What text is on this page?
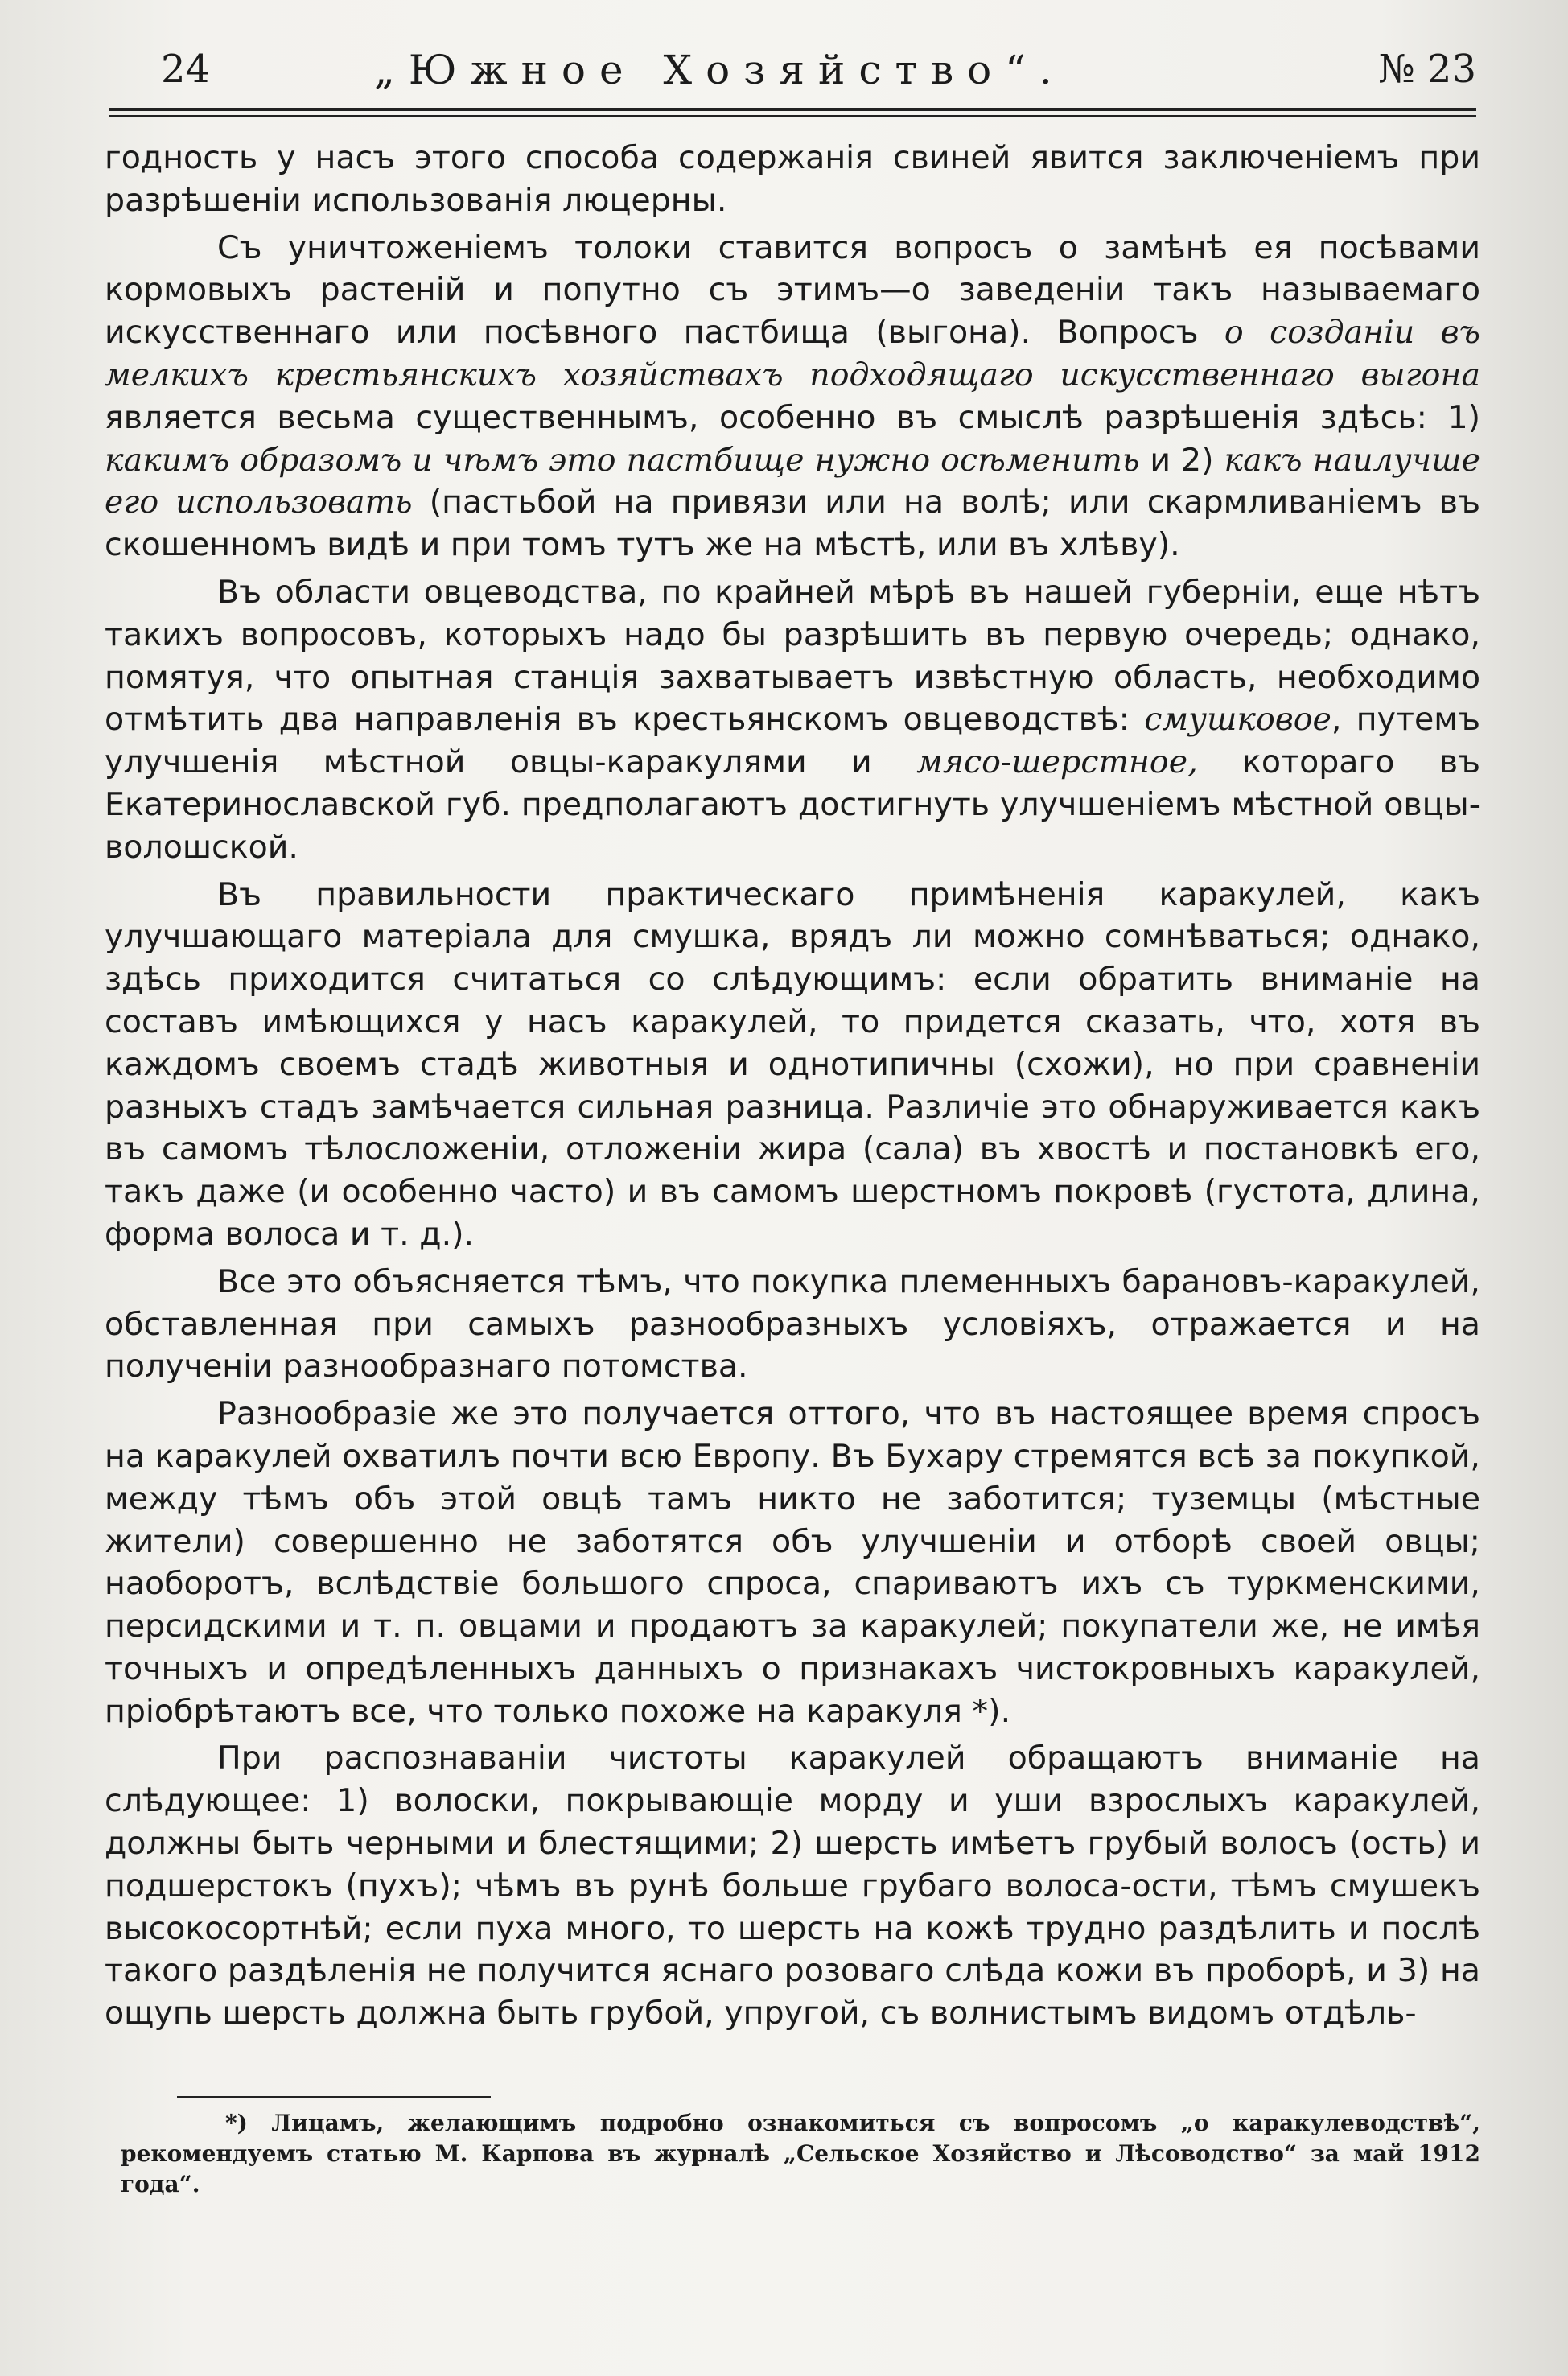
24	„Южное Хозяйство“.	№ 23

годность у насъ этого способа содержанія свиней явится заключеніемъ при разрѣшеніи использованія люцерны.

Съ уничтоженіемъ толоки ставится вопросъ о замѣнѣ ея посѣвами кормовыхъ растеній и попутно съ этимъ—о заведеніи такъ называемаго искусственнаго или посѣвного пастбища (выгона). Вопросъ о созданіи въ мелкихъ крестьянскихъ хозяйствахъ подходящаго искусственнаго выгона является весьма существеннымъ, особенно въ смыслѣ разрѣшенія здѣсь: 1) какимъ образомъ и чѣмъ это пастбище нужно осѣменить и 2) какъ наилучше его использовать (пастьбой на привязи или на волѣ; или скармливаніемъ въ скошенномъ видѣ и при томъ тутъ же на мѣстѣ, или въ хлѣву).

Въ области овцеводства, по крайней мѣрѣ въ нашей губерніи, еще нѣтъ такихъ вопросовъ, которыхъ надо бы разрѣшить въ первую очередь; однако, помятуя, что опытная станція захватываетъ извѣстную область, необходимо отмѣтить два направленія въ крестьянскомъ овцеводствѣ: смушковое, путемъ улучшенія мѣстной овцы-каракулями и мясо-шерстное, котораго въ Екатеринославской губ. предполагаютъ достигнуть улучшеніемъ мѣстной овцы-волошской.

Въ правильности практическаго примѣненія каракулей, какъ улучшающаго матеріала для смушка, врядъ ли можно сомнѣваться; однако, здѣсь приходится считаться со слѣдующимъ: если обратить вниманіе на составъ имѣющихся у насъ каракулей, то придется сказать, что, хотя въ каждомъ своемъ стадѣ животныя и однотипичны (схожи), но при сравненіи разныхъ стадъ замѣчается сильная разница. Различіе это обнаруживается какъ въ самомъ тѣлосложеніи, отложеніи жира (сала) въ хвостѣ и постановкѣ его, такъ даже (и особенно часто) и въ самомъ шерстномъ покровѣ (густота, длина, форма волоса и т. д.).

Все это объясняется тѣмъ, что покупка племенныхъ барановъ-каракулей, обставленная при самыхъ разнообразныхъ условіяхъ, отражается и на полученіи разнообразнаго потомства.

Разнообразіе же это получается оттого, что въ настоящее время спросъ на каракулей охватилъ почти всю Европу. Въ Бухару стремятся всѣ за покупкой, между тѣмъ объ этой овцѣ тамъ никто не заботится; туземцы (мѣстные жители) совершенно не заботятся объ улучшеніи и отборѣ своей овцы; наоборотъ, вслѣдствіе большого спроса, спариваютъ ихъ съ туркменскими, персидскими и т. п. овцами и продаютъ за каракулей; покупатели же, не имѣя точныхъ и опредѣленныхъ данныхъ о признакахъ чистокровныхъ каракулей, пріобрѣтаютъ все, что только похоже на каракуля *).

При распознаваніи чистоты каракулей обращаютъ вниманіе на слѣдующее: 1) волоски, покрывающіе морду и уши взрослыхъ каракулей, должны быть черными и блестящими; 2) шерсть имѣетъ грубый волосъ (ость) и подшерстокъ (пухъ); чѣмъ въ рунѣ больше грубаго волоса-ости, тѣмъ смушекъ высокосортнѣй; если пуха много, то шерсть на кожѣ трудно раздѣлить и послѣ такого раздѣленія не получится яснаго розоваго слѣда кожи въ проборѣ, и 3) на ощупь шерсть должна быть грубой, упругой, съ волнистымъ видомъ отдѣль-

*) Лицамъ, желающимъ подробно ознакомиться съ вопросомъ „о каракулеводствѣ“, рекомендуемъ статью М. Карпова въ журналѣ „Сельское Хозяйство и Лѣсоводство“ за май 1912 года“.
